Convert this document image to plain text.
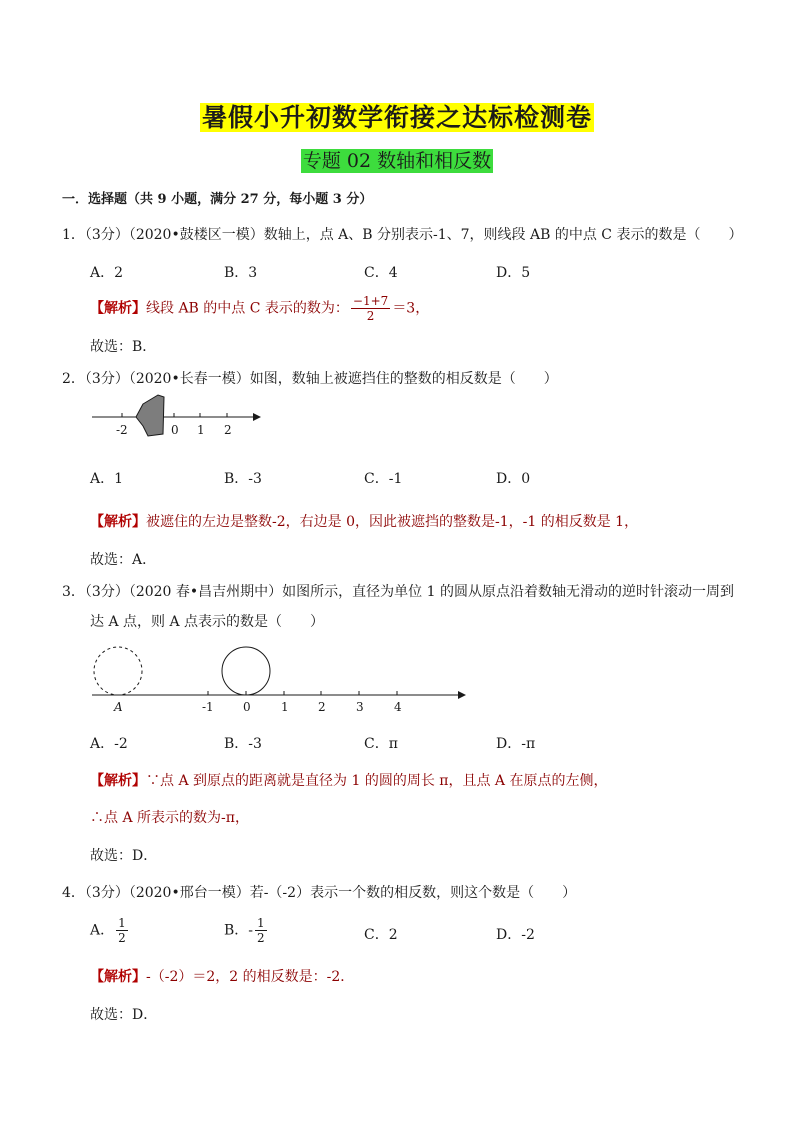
暑假小升初数学衔接之达标检测卷
专题 02 数轴和相反数
一．选择题（共 9 小题，满分 27 分，每小题 3 分）
1．（3分）（2020•鼓楼区一模）数轴上，点 A、B 分别表示-1、7，则线段 AB 的中点 C 表示的数是（　　）
A．2	B．3	C．4	D．5
【解析】线段 AB 的中点 C 表示的数为： $\frac{-1+7}{2} =3$，
故选：B．
2．（3分）（2020•长春一模）如图，数轴上被遮挡住的整数的相反数是（　　）
-2	0 1 2
A．1	B．-3	C．-1	D．0
【解析】被遮住的左边是整数-2，右边是 0，因此被遮挡的整数是-1，-1 的相反数是 1，
故选：A．
3．（3分）（2020 春•昌吉州期中）如图所示，直径为单位 1 的圆从原点沿着数轴无滑动的逆时针滚动一周到
达 A 点，则 A 点表示的数是（　　）
A	-1 0	1 2	3	4
A．-2	B．-3	C．π	D．-π
【解析】∵点 A 到原点的距离就是直径为 1 的圆的周长 π，且点 A 在原点的左侧，
∴点 A 所表示的数为-π，
故选：D．
4．（3分）（2020•邢台一模）若-（-2）表示一个数的相反数，则这个数是（　　）
A． $\frac{1}{2}$	B．- $\frac{1}{2}$	C．2	D．-2
【解析】-（-2）＝2，2 的相反数是：-2．
故选：D．
